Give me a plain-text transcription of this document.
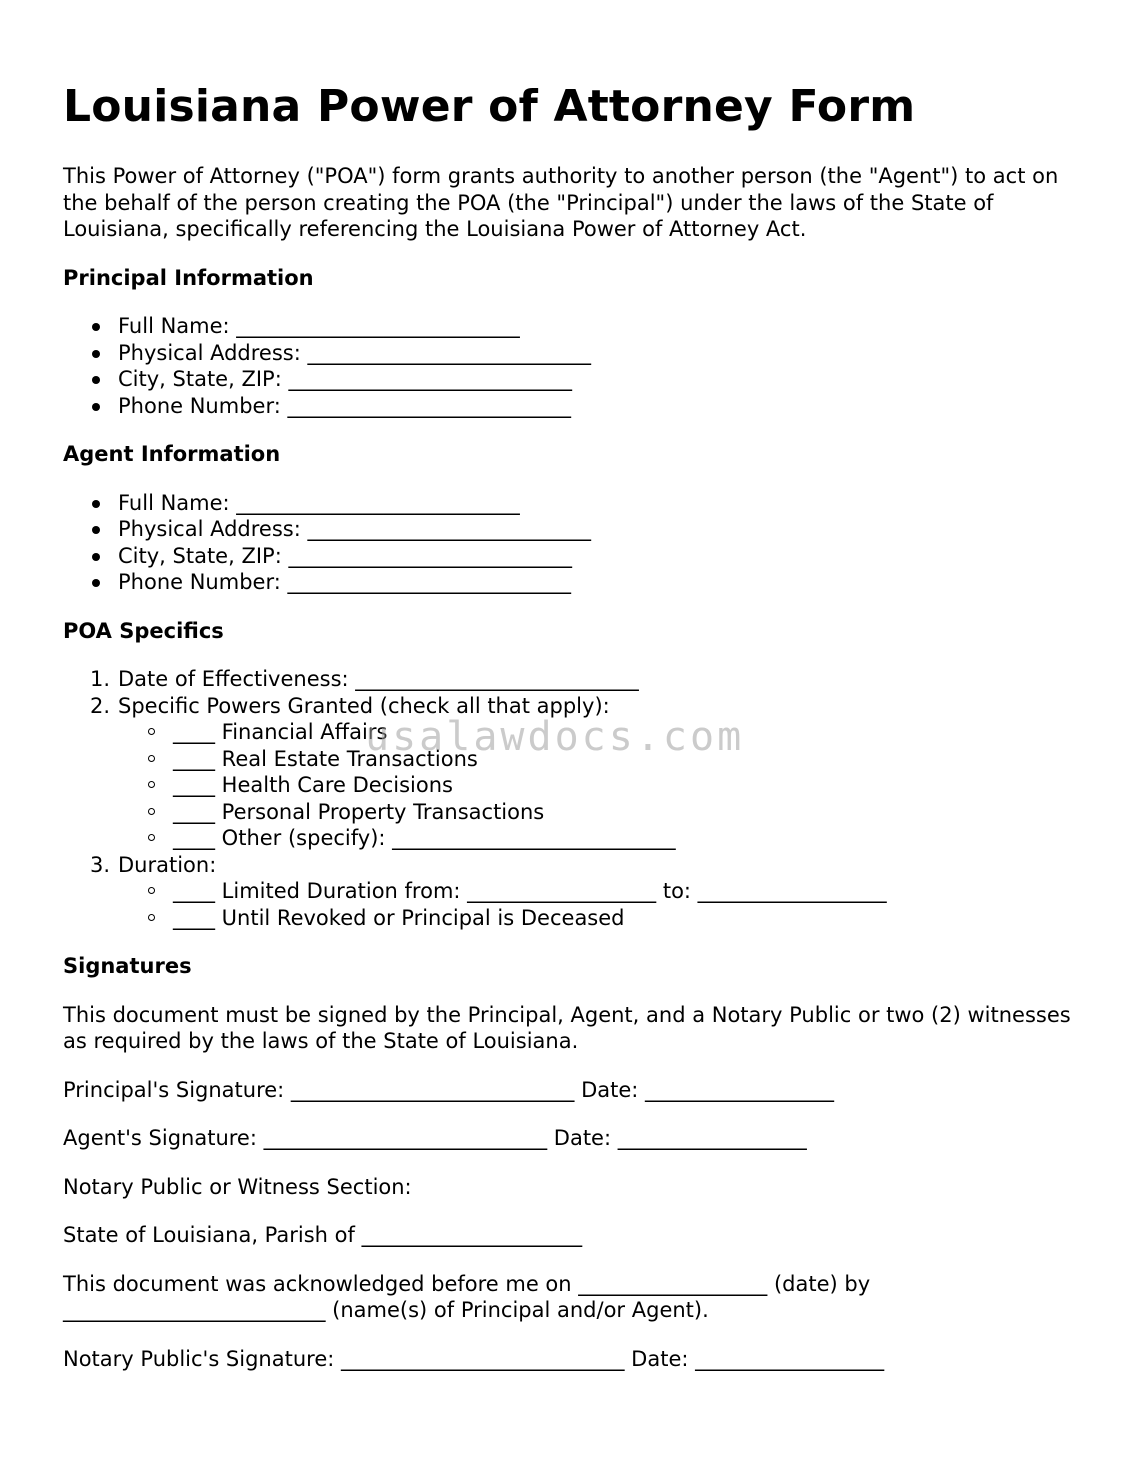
Louisiana Power of Attorney Form

This Power of Attorney ("POA") form grants authority to another person (the "Agent") to act on the behalf of the person creating the POA (the "Principal") under the laws of the State of Louisiana, specifically referencing the Louisiana Power of Attorney Act.

Principal Information
Full Name: ___________________________
Physical Address: ___________________________
City, State, ZIP: ___________________________
Phone Number: ___________________________
Agent Information
Full Name: ___________________________
Physical Address: ___________________________
City, State, ZIP: ___________________________
Phone Number: ___________________________
POA Specifics
1. Date of Effectiveness: ___________________________
2. Specific Powers Granted (check all that apply):
____ Financial Affairs
____ Real Estate Transactions
____ Health Care Decisions
____ Personal Property Transactions
____ Other (specify): ___________________________
3. Duration:
____ Limited Duration from: __________________ to: __________________
____ Until Revoked or Principal is Deceased
Signatures

This document must be signed by the Principal, Agent, and a Notary Public or two (2) witnesses as required by the laws of the State of Louisiana.

Principal's Signature: ___________________________ Date: __________________

Agent's Signature: ___________________________ Date: __________________

Notary Public or Witness Section:

State of Louisiana, Parish of _____________________

This document was acknowledged before me on __________________ (date) by _________________________ (name(s) of Principal and/or Agent).

Notary Public's Signature: ___________________________ Date: __________________

usalawdocs.com
